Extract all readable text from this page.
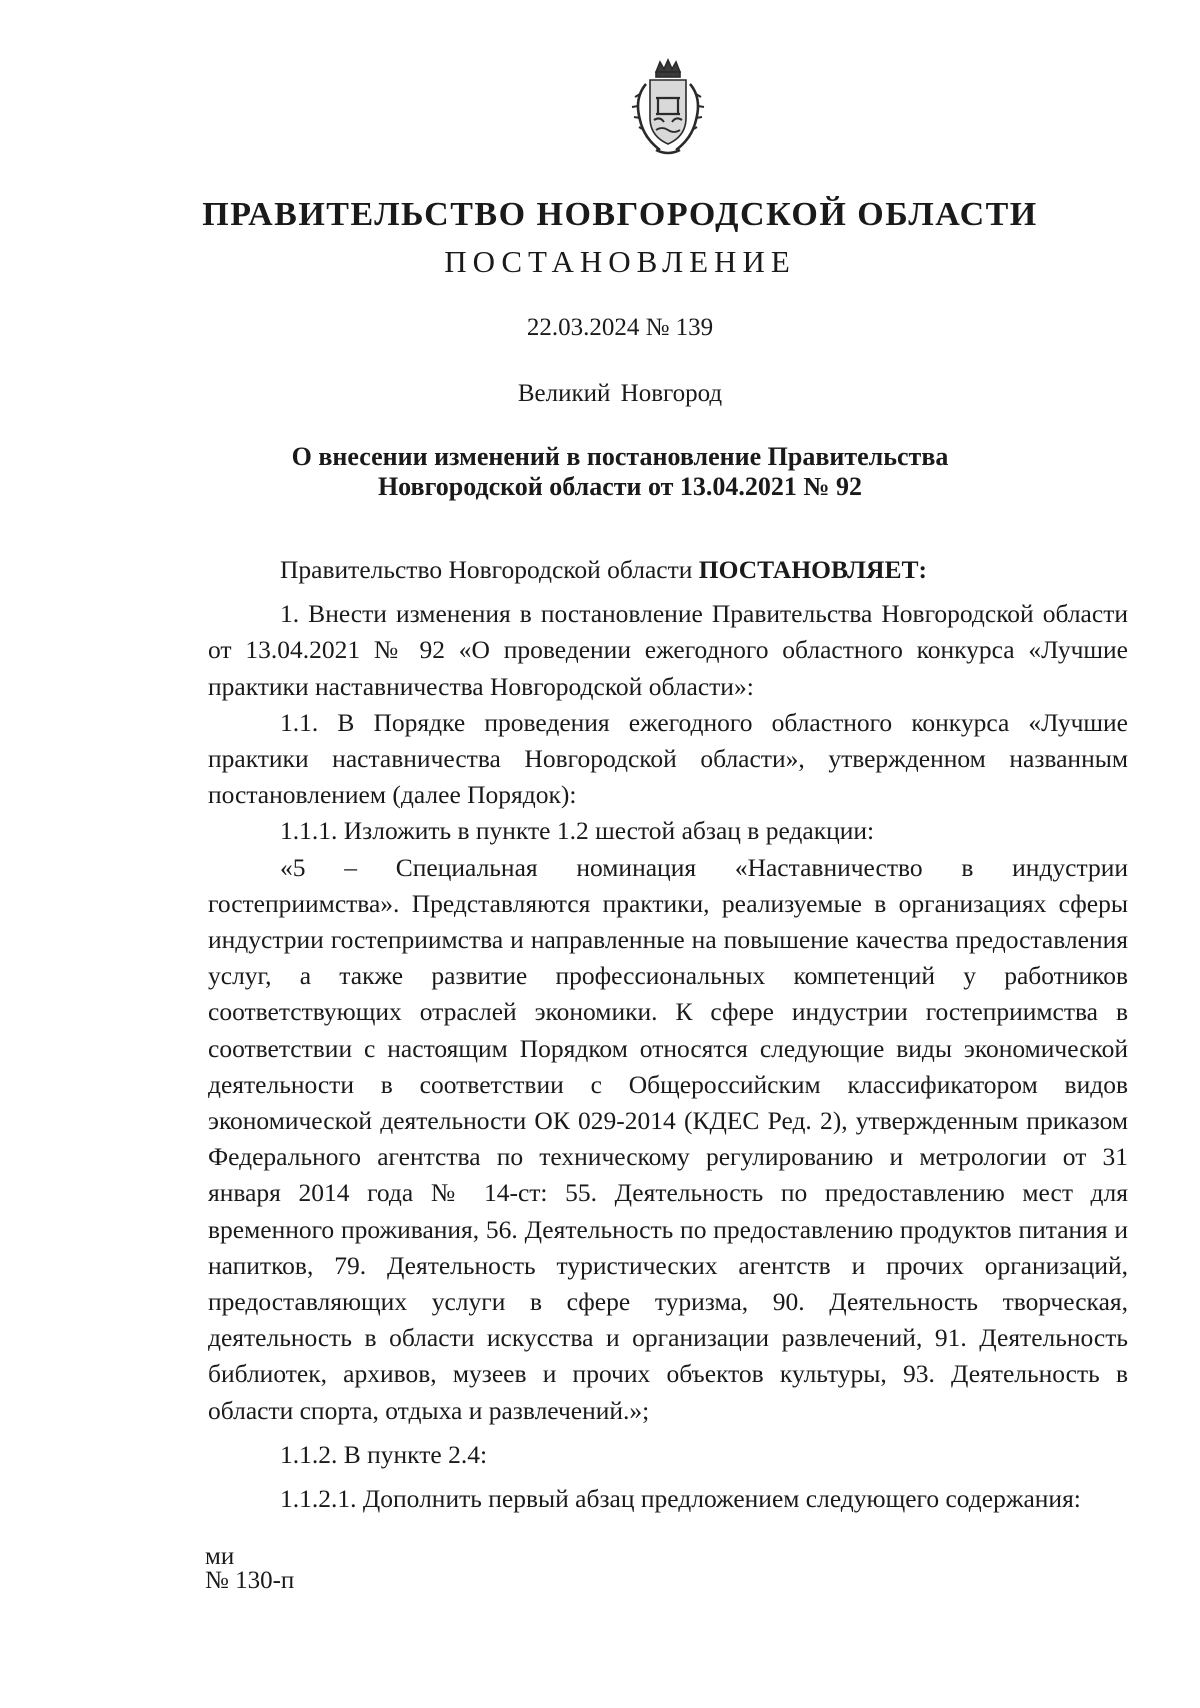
ПРАВИТЕЛЬСТВО НОВГОРОДСКОЙ ОБЛАСТИ
ПОСТАНОВЛЕНИЕ
22.03.2024 № 139
Великий Новгород
О внесении изменений в постановление Правительства
Новгородской области от 13.04.2021 № 92

Правительство Новгородской области ПОСТАНОВЛЯЕТ:

1. Внести изменения в постановление Правительства Новгородской области от 13.04.2021 № 92 «О проведении ежегодного областного конкурса «Лучшие практики наставничества Новгородской области»:

1.1. В Порядке проведения ежегодного областного конкурса «Лучшие практики наставничества Новгородской области», утвержденном названным постановлением (далее Порядок):

1.1.1. Изложить в пункте 1.2 шестой абзац в редакции:

«5 – Специальная номинация «Наставничество в индустрии гостеприимства». Представляются практики, реализуемые в организациях сферы индустрии гостеприимства и направленные на повышение качества предоставления услуг, а также развитие профессиональных компетенций у работников соответствующих отраслей экономики. К сфере индустрии гостеприимства в соответствии с настоящим Порядком относятся следующие виды экономической деятельности в соответствии с Общероссийским классификатором видов экономической деятельности ОК 029-2014 (КДЕС Ред. 2), утвержденным приказом Федерального агентства по техническому регулированию и метрологии от 31 января 2014 года № 14-ст: 55. Деятельность по предоставлению мест для временного проживания, 56. Деятельность по предоставлению продуктов питания и напитков, 79. Деятельность туристических агентств и прочих организаций, предоставляющих услуги в сфере туризма, 90. Деятельность творческая, деятельность в области искусства и организации развлечений, 91. Деятельность библиотек, архивов, музеев и прочих объектов культуры, 93. Деятельность в области спорта, отдыха и развлечений.»;

1.1.2. В пункте 2.4:

1.1.2.1. Дополнить первый абзац предложением следующего содержания:

ми
№ 130-п
